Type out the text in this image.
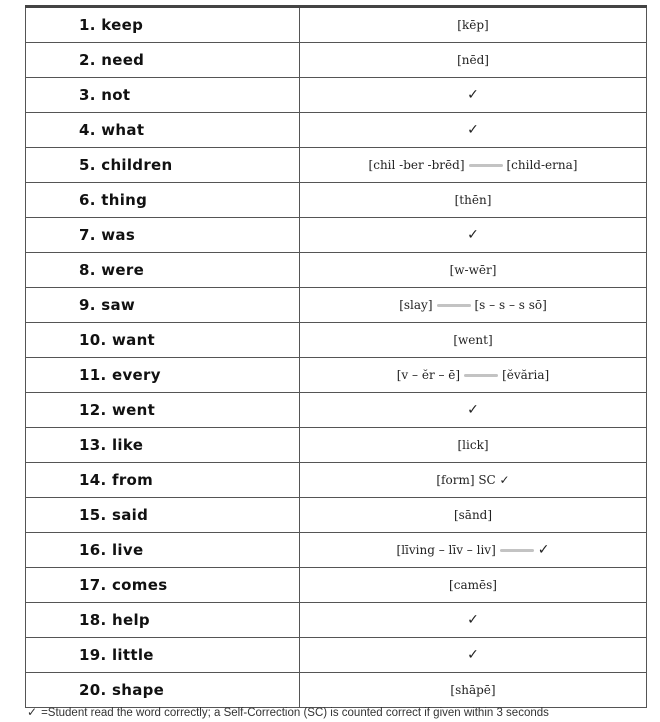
1. keep	[kēp]
2. need	[nēd]
3. not	✓
4. what	✓
5. children	[chil -ber -brēd] [child-erna]
6. thing	[thēn]
7. was	✓
8. were	[w-wēr]
9. saw	[slay] [s – s – s sō]
10. want	[went]
11. every	[v – ĕr – ē] [ĕvăria]
12. went	✓
13. like	[lick]
14. from	[form] SC ✓
15. said	[sānd]
16. live	[līving – līv – liv] ✓
17. comes	[camēs]
18. help	✓
19. little	✓
20. shape	[shāpē]
✓ =Student read the word correctly; a Self-Correction (SC) is counted correct if given within 3 seconds
